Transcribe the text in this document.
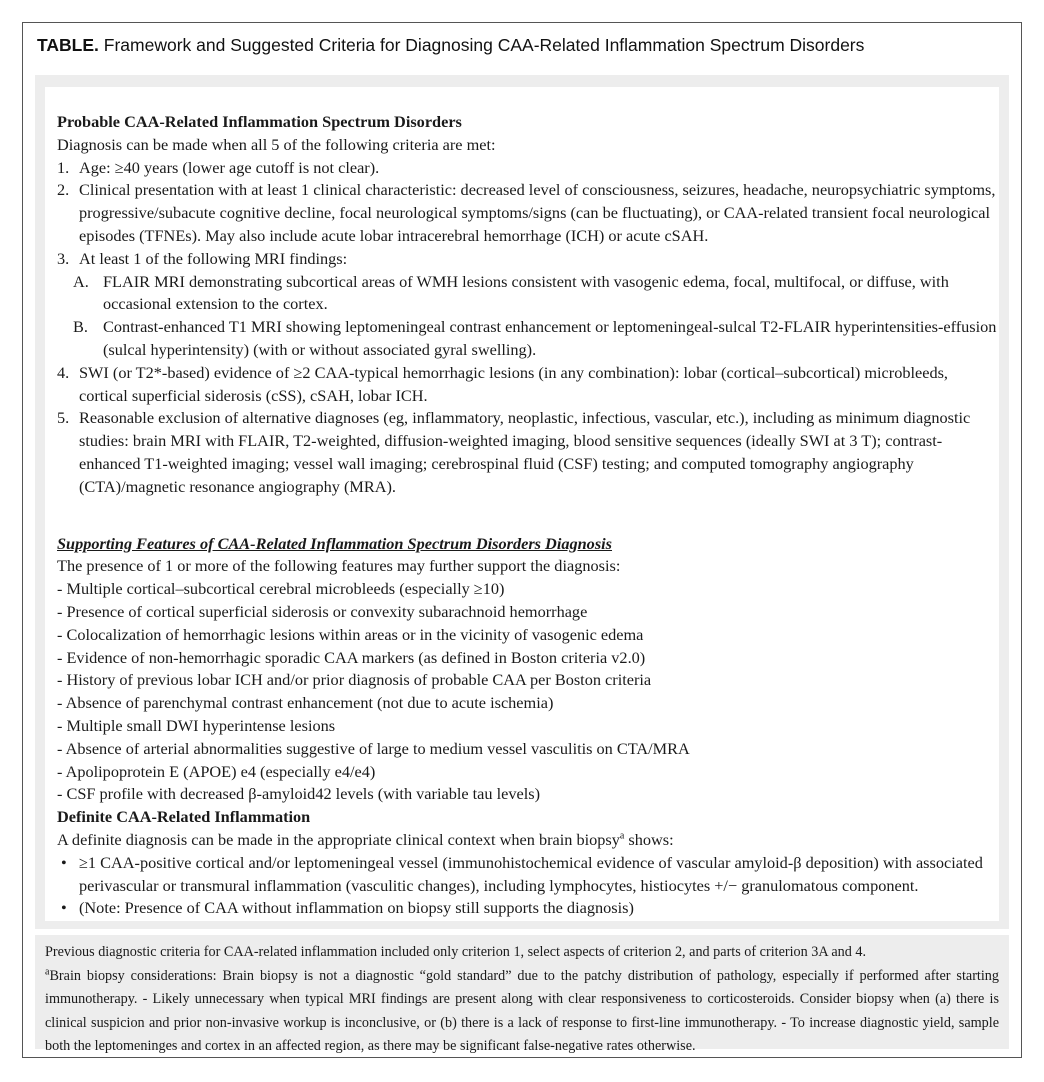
TABLE. Framework and Suggested Criteria for Diagnosing CAA-Related Inflammation Spectrum Disorders
Probable CAA-Related Inflammation Spectrum Disorders
Diagnosis can be made when all 5 of the following criteria are met:
1. Age: ≥40 years (lower age cutoff is not clear).
2. Clinical presentation with at least 1 clinical characteristic: decreased level of consciousness, seizures, headache, neuropsychiatric symptoms, progressive/subacute cognitive decline, focal neurological symptoms/signs (can be fluctuating), or CAA-related transient focal neurological episodes (TFNEs). May also include acute lobar intracerebral hemorrhage (ICH) or acute cSAH.
3. At least 1 of the following MRI findings:
A. FLAIR MRI demonstrating subcortical areas of WMH lesions consistent with vasogenic edema, focal, multifocal, or diffuse, with occasional extension to the cortex.
B. Contrast-enhanced T1 MRI showing leptomeningeal contrast enhancement or leptomeningeal-sulcal T2-FLAIR hyperintensities-effusion (sulcal hyperintensity) (with or without associated gyral swelling).
4. SWI (or T2*-based) evidence of ≥2 CAA-typical hemorrhagic lesions (in any combination): lobar (cortical–subcortical) microbleeds, cortical superficial siderosis (cSS), cSAH, lobar ICH.
5. Reasonable exclusion of alternative diagnoses (eg, inflammatory, neoplastic, infectious, vascular, etc.), including as minimum diagnostic studies: brain MRI with FLAIR, T2-weighted, diffusion-weighted imaging, blood sensitive sequences (ideally SWI at 3 T); contrast-enhanced T1-weighted imaging; vessel wall imaging; cerebrospinal fluid (CSF) testing; and computed tomography angiography (CTA)/magnetic resonance angiography (MRA).
Supporting Features of CAA-Related Inflammation Spectrum Disorders Diagnosis
The presence of 1 or more of the following features may further support the diagnosis:
- Multiple cortical–subcortical cerebral microbleeds (especially ≥10)
- Presence of cortical superficial siderosis or convexity subarachnoid hemorrhage
- Colocalization of hemorrhagic lesions within areas or in the vicinity of vasogenic edema
- Evidence of non-hemorrhagic sporadic CAA markers (as defined in Boston criteria v2.0)
- History of previous lobar ICH and/or prior diagnosis of probable CAA per Boston criteria
- Absence of parenchymal contrast enhancement (not due to acute ischemia)
- Multiple small DWI hyperintense lesions
- Absence of arterial abnormalities suggestive of large to medium vessel vasculitis on CTA/MRA
- Apolipoprotein E (APOE) e4 (especially e4/e4)
- CSF profile with decreased β-amyloid42 levels (with variable tau levels)
Definite CAA-Related Inflammation
A definite diagnosis can be made in the appropriate clinical context when brain biopsy$^a$ shows:
• ≥1 CAA-positive cortical and/or leptomeningeal vessel (immunohistochemical evidence of vascular amyloid-β deposition) with associated perivascular or transmural inflammation (vasculitic changes), including lymphocytes, histiocytes +/− granulomatous component.
• (Note: Presence of CAA without inflammation on biopsy still supports the diagnosis)

Previous diagnostic criteria for CAA-related inflammation included only criterion 1, select aspects of criterion 2, and parts of criterion 3A and 4.

$^a$Brain biopsy considerations: Brain biopsy is not a diagnostic “gold standard” due to the patchy distribution of pathology, especially if performed after starting immunotherapy. - Likely unnecessary when typical MRI findings are present along with clear responsiveness to corticosteroids. Consider biopsy when (a) there is clinical suspicion and prior non-invasive workup is inconclusive, or (b) there is a lack of response to first-line immunotherapy. - To increase diagnostic yield, sample both the leptomeninges and cortex in an affected region, as there may be significant false-negative rates otherwise.
